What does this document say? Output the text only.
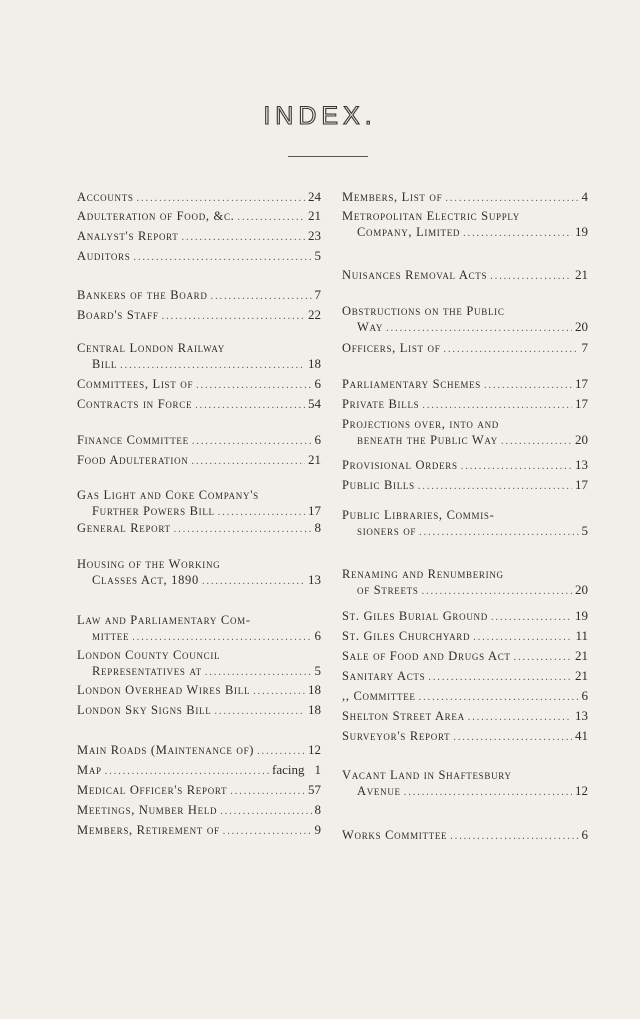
INDEX.
Accounts .....	24
Adulteration of Food, &c. .....	21
Analyst's Report .....	23
Auditors .....	5
Bankers of the Board .....	7
Board's Staff .....	22
Central London Railway
Bill .....	18
Committees, List of .....	6
Contracts in Force .....	54
Finance Committee .....	6
Food Adulteration .....	21
Gas Light and Coke Company's
Further Powers Bill .....	17
General Report .....	8
Housing of the Working
Classes Act, 1890 .....	13
Law and Parliamentary Com-
mittee .....	6
London County Council
Representatives at .....	5
London Overhead Wires Bill .....	18
London Sky Signs Bill .....	18
Main Roads (Maintenance of) .....	12
Map .....	facing 1
Medical Officer's Report .....	57
Meetings, Number Held .....	8
Members, Retirement of .....	9
Members, List of .....	4
Metropolitan Electric Supply
Company, Limited .....	19
Nuisances Removal Acts .....	21
Obstructions on the Public
Way .....	20
Officers, List of .....	7
Parliamentary Schemes .....	17
Private Bills .....	17
Projections over, into and
beneath the Public Way .....	20
Provisional Orders .....	13
Public Bills .....	17
Public Libraries, Commis-
sioners of .....	5
Renaming and Renumbering
of Streets .....	20
St. Giles Burial Ground .....	19
St. Giles Churchyard .....	11
Sale of Food and Drugs Act .....	21
Sanitary Acts .....	21
,, Committee .....	6
Shelton Street Area .....	13
Surveyor's Report .....	41
Vacant Land in Shaftesbury
Avenue .....	12
Works Committee .....	6
